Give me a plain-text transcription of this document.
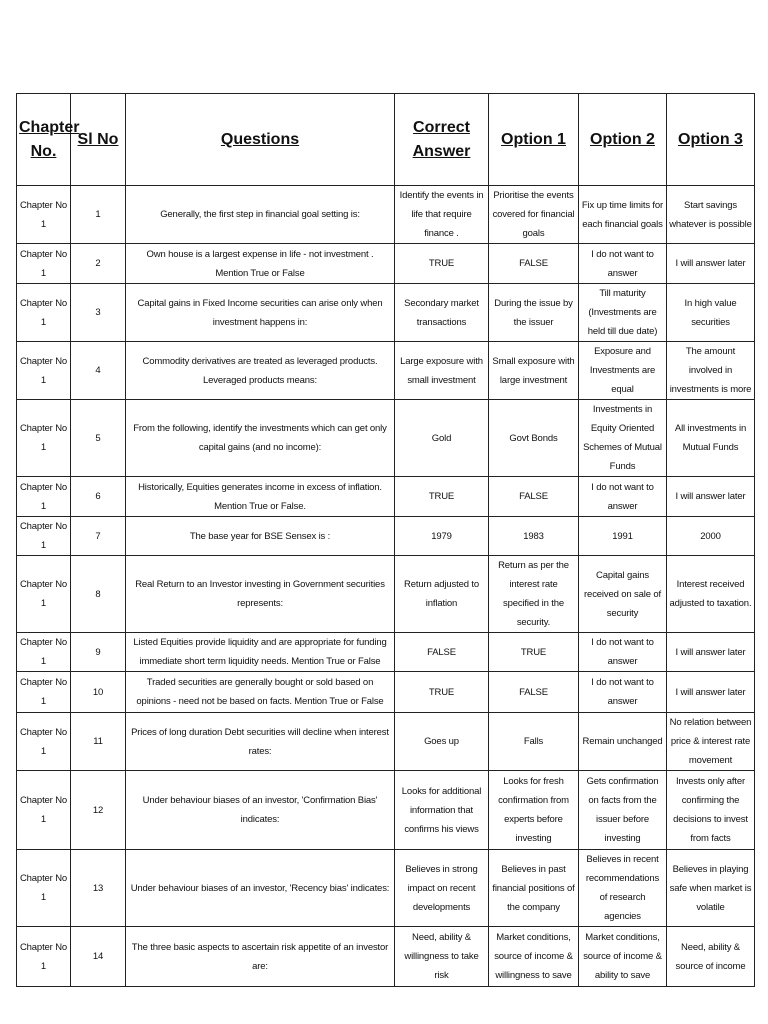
Chapter No.	Sl No	Questions	Correct Answer	Option 1	Option 2	Option 3
Chapter No 1	1	Generally, the first step in financial goal setting is:	Identify the events in life that require finance .	Prioritise the events covered for financial goals	Fix up time limits for each financial goals	Start savings whatever is possible
Chapter No 1	2	Own house is a largest expense in life - not investment . Mention True or False	TRUE	FALSE	I do not want to answer	I will answer later
Chapter No 1	3	Capital gains in Fixed Income securities can arise only when investment happens in:	Secondary market transactions	During the issue by the issuer	Till maturity (Investments are held till due date)	In high value securities
Chapter No 1	4	Commodity derivatives are treated as leveraged products. Leveraged products means:	Large exposure with small investment	Small exposure with large investment	Exposure and Investments are equal	The amount involved in investments is more
Chapter No 1	5	From the following, identify the investments which can get only capital gains (and no income):	Gold	Govt Bonds	Investments in Equity Oriented Schemes of Mutual Funds	All investments in Mutual Funds
Chapter No 1	6	Historically, Equities generates income in excess of inflation. Mention True or False.	TRUE	FALSE	I do not want to answer	I will answer later
Chapter No 1	7	The base year for BSE Sensex is :	1979	1983	1991	2000
Chapter No 1	8	Real Return to an Investor investing in Government securities represents:	Return adjusted to inflation	Return as per the interest rate specified in the security.	Capital gains received on sale of security	Interest received adjusted to taxation.
Chapter No 1	9	Listed Equities provide liquidity and are appropriate for funding immediate short term liquidity needs. Mention True or False	FALSE	TRUE	I do not want to answer	I will answer later
Chapter No 1	10	Traded securities are generally bought or sold based on opinions - need not be based on facts. Mention True or False	TRUE	FALSE	I do not want to answer	I will answer later
Chapter No 1	11	Prices of long duration Debt securities will decline when interest rates:	Goes up	Falls	Remain unchanged	No relation between price & interest rate movement
Chapter No 1	12	Under behaviour biases of an investor, 'Confirmation Bias' indicates:	Looks for additional information that confirms his views	Looks for fresh confirmation from experts before investing	Gets confirmation on facts from the issuer before investing	Invests only after confirming the decisions to invest from facts
Chapter No 1	13	Under behaviour biases of an investor, 'Recency bias' indicates:	Believes in strong impact on recent developments	Believes in past financial positions of the company	Believes in recent recommendations of research agencies	Believes in playing safe when market is volatile
Chapter No 1	14	The three basic aspects to ascertain risk appetite of an investor are:	Need, ability & willingness to take risk	Market conditions, source of income & willingness to save	Market conditions, source of income & ability to save	Need, ability & source of income
